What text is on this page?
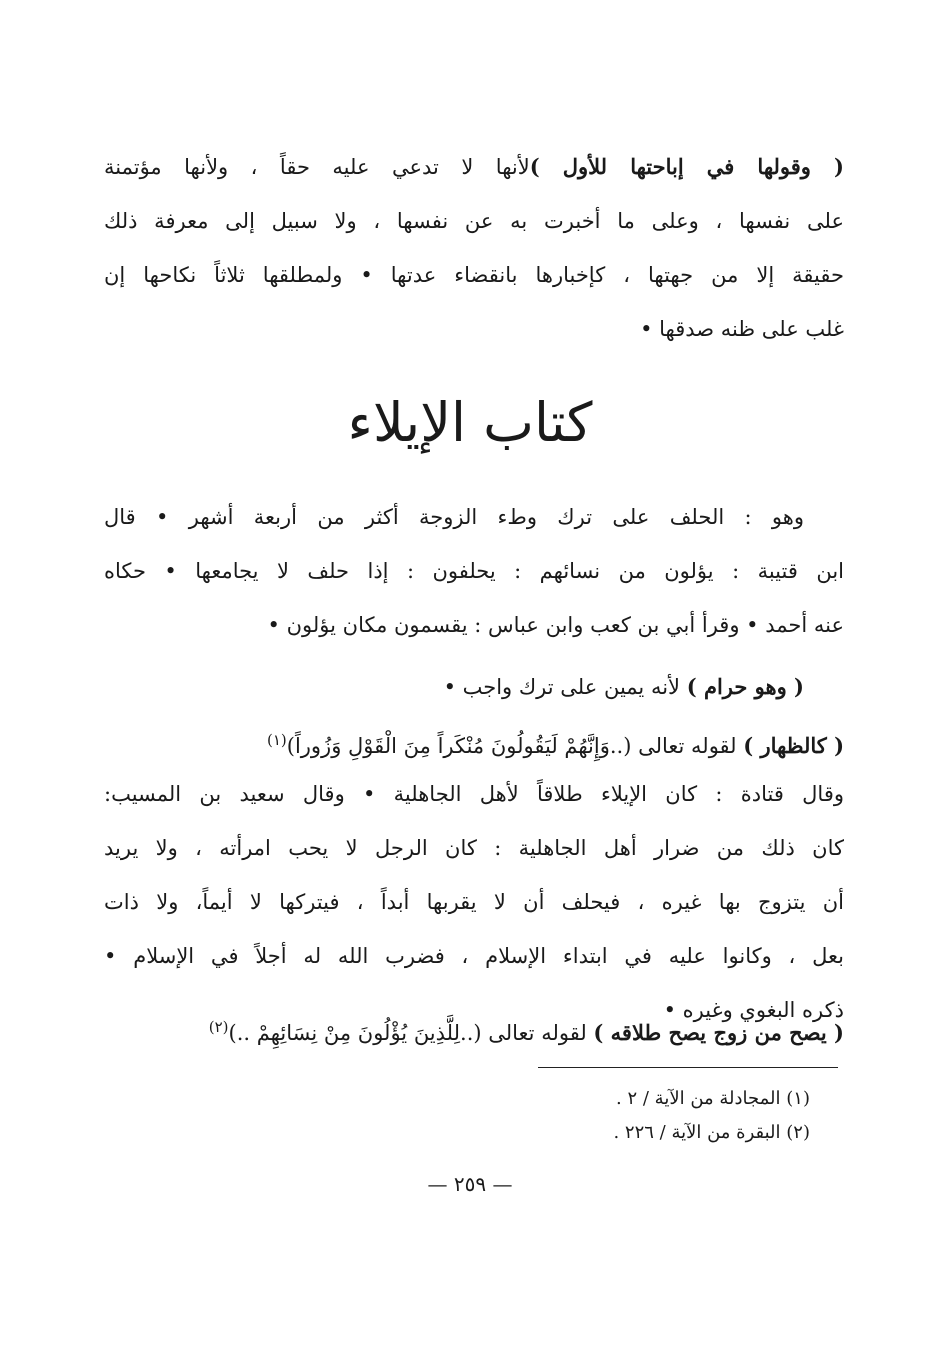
( وقولها في إباحتها للأول )لأنها لا تدعي عليه حقاً ، ولأنها مؤتمنة
على نفسها ، وعلى ما أخبرت به عن نفسها ، ولا سبيل إلى معرفة ذلك
حقيقة إلا من جهتها ، كإخبارها بانقضاء عدتها • ولمطلقها ثلاثاً نكاحها إن
غلب على ظنه صدقها •
كتاب الإيلاء
وهو : الحلف على ترك وطء الزوجة أكثر من أربعة أشهر • قال
ابن قتيبة : يؤلون من نسائهم : يحلفون : إذا حلف لا يجامعها • حكاه
عنه أحمد • وقرأ أبي بن كعب وابن عباس : يقسمون مكان يؤلون •
( وهو حرام ) لأنه يمين على ترك واجب •
( كالظهار ) لقوله تعالى (..وَإِنَّهُمْ لَيَقُولُونَ مُنْكَراً مِنَ الْقَوْلِ وَزُوراً)$^{(١)}$
وقال قتادة : كان الإيلاء طلاقاً لأهل الجاهلية • وقال سعيد بن المسيب:
كان ذلك من ضرار أهل الجاهلية : كان الرجل لا يحب امرأته ، ولا يريد
أن يتزوج بها غيره ، فيحلف أن لا يقربها أبداً ، فيتركها لا أيماً، ولا ذات
بعل ، وكانوا عليه في ابتداء الإسلام ، فضرب الله له أجلاً في الإسلام •
ذكره البغوي وغيره •
( يصح من زوج يصح طلاقه ) لقوله تعالى (..لِلَّذِينَ يُؤْلُونَ مِنْ نِسَائِهِمْ ..)$^{(٢)}$
(١) المجادلة من الآية / ٢ .
(٢) البقرة من الآية / ٢٢٦ .
— ٢٥٩ —
